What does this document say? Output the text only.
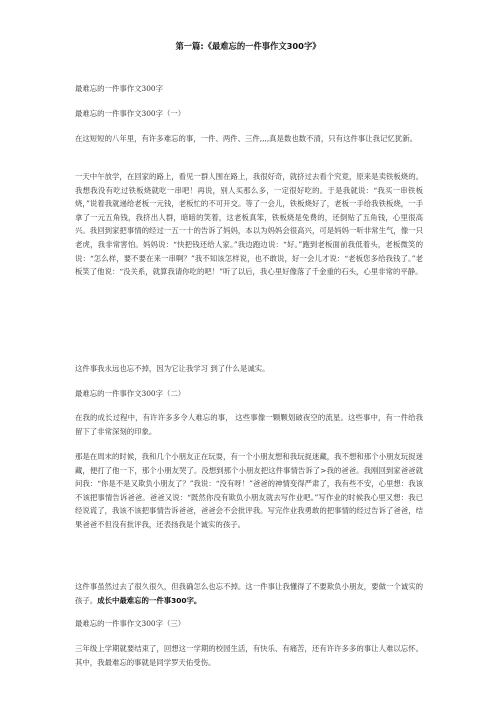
第一篇:《最难忘的一件事作文300字》
最难忘的一件事作文300字
最难忘的一件事作文300字（一）
在这短短的八年里，有许多难忘的事，一件、两件、三件,,,,真是数也数不清，只有这件事让我记忆犹新。
一天中午放学，在回家的路上，看见一群人围在路上，我很好奇，就挤过去看个究竟，原来是卖铁板烧的。我想我没有吃过铁板烧就吃一串吧！再说，别人买那么多，一定很好吃的。于是我就说：“我买一串铁板烧，”说着我就递给老板一元钱，老板忙的不可开交。等了一会儿，铁板烧好了，老板一手给我铁板烧，一手拿了一元五角钱，我挤出人群，暗暗的笑着，这老板真笨，铁板烧是免费的，还倒贴了五角钱，心里很高兴。我回到家把事情的经过一五一十的告诉了妈妈，本以为妈妈会很高兴，可是妈妈一听非常生气，像一只老虎，我非常害怕。妈妈说：“快把钱还给人家。”我边跑边说：“好。”跑到老板面前我低着头，老板微笑的说：“怎么样，要不要在来一串啊？”我不知该怎样说，也不敢说，好一会儿才说：“老板您多给我钱了。”老板笑了他说：“没关系，就算我请你吃的吧！”听了以后，我心里好像落了千金重的石头，心里非常的平静。
这件事我永远也忘不掉，因为它让我学习 到了什么是诚实。
最难忘的一件事作文300字（二）
在我的成长过程中，有许许多多令人难忘的事， 这些事像一颗颗划破夜空的流星。这些事中，有一件给我留下了非常深刻的印象。
那是在周末的时候，我和几个小朋友正在玩耍，有一个小朋友想和我玩捉迷藏，我不想和那个小朋友玩捉迷藏，便打了他一下，那个小朋友哭了。没想到那个小朋友把这件事情告诉了>我的爸爸。我刚回到家爸爸就问我：“你是不是又欺负小朋友了？”我说：“没有呀！”爸爸的神情变得严肃了，我有些不安，心里想：我该不该把事情告诉爸爸。爸爸又说：“既然你没有欺负小朋友就去写作业吧。”写作业的时候我心里又想：我已经说谎了，我该不该把事情告诉爸爸，爸爸会不会批评我。写完作业我勇敢的把事情的经过告诉了爸爸，结果爸爸不但没有批评我，还表扬我是个诚实的孩子。
这件事虽然过去了很久很久，但我确怎么也忘不掉。这一件事让我懂得了不要欺负小朋友，要做一个诚实的孩子。成长中最难忘的一件事300字。
最难忘的一件事作文300字（三）
三年级上学期就要结束了，回想这一学期的校园生活，有快乐、有痛苦，还有许许多多的事让人难以忘怀。其中，我最难忘的事就是同学罗天佑受伤。
